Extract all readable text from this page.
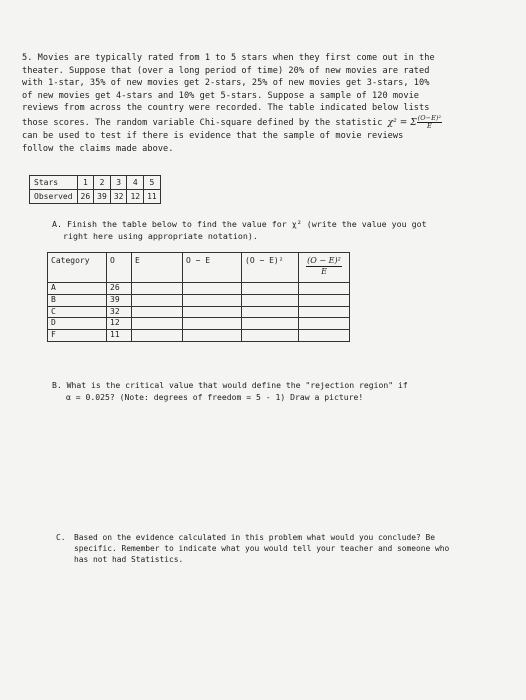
5. Movies are typically rated from 1 to 5 stars when they first come out in the

theater. Suppose that (over a long period of time) 20% of new movies are rated

with 1-star, 35% of new movies get 2-stars, 25% of new movies get 3-stars, 10%

of new movies get 4-stars and 10% get 5-stars. Suppose a sample of 120 movie

reviews from across the country were recorded. The table indicated below lists

those scores. The random variable Chi-square defined by the statistic χ² = Σ $\frac{\text{(O−E)²}}{E}$

can be used to test if there is evidence that the sample of movie reviews

follow the claims made above.

Stars	1	2	3	4	5
Observed	26	39	32	12	11

A. Finish the table below to find the value for χ² (write the value you got

right here using appropriate notation).

Category	O	E	O − E	(O − E)²	$\frac{\text{(O − E)²}}{E}$

A	26				
B	39				
C	32				
D	12				
F	11				

B. What is the critical value that would define the "rejection region" if

α = 0.025? (Note: degrees of freedom = 5 - 1) Draw a picture!

C. Based on the evidence calculated in this problem what would you conclude? Be

specific. Remember to indicate what you would tell your teacher and someone who

has not had Statistics.
